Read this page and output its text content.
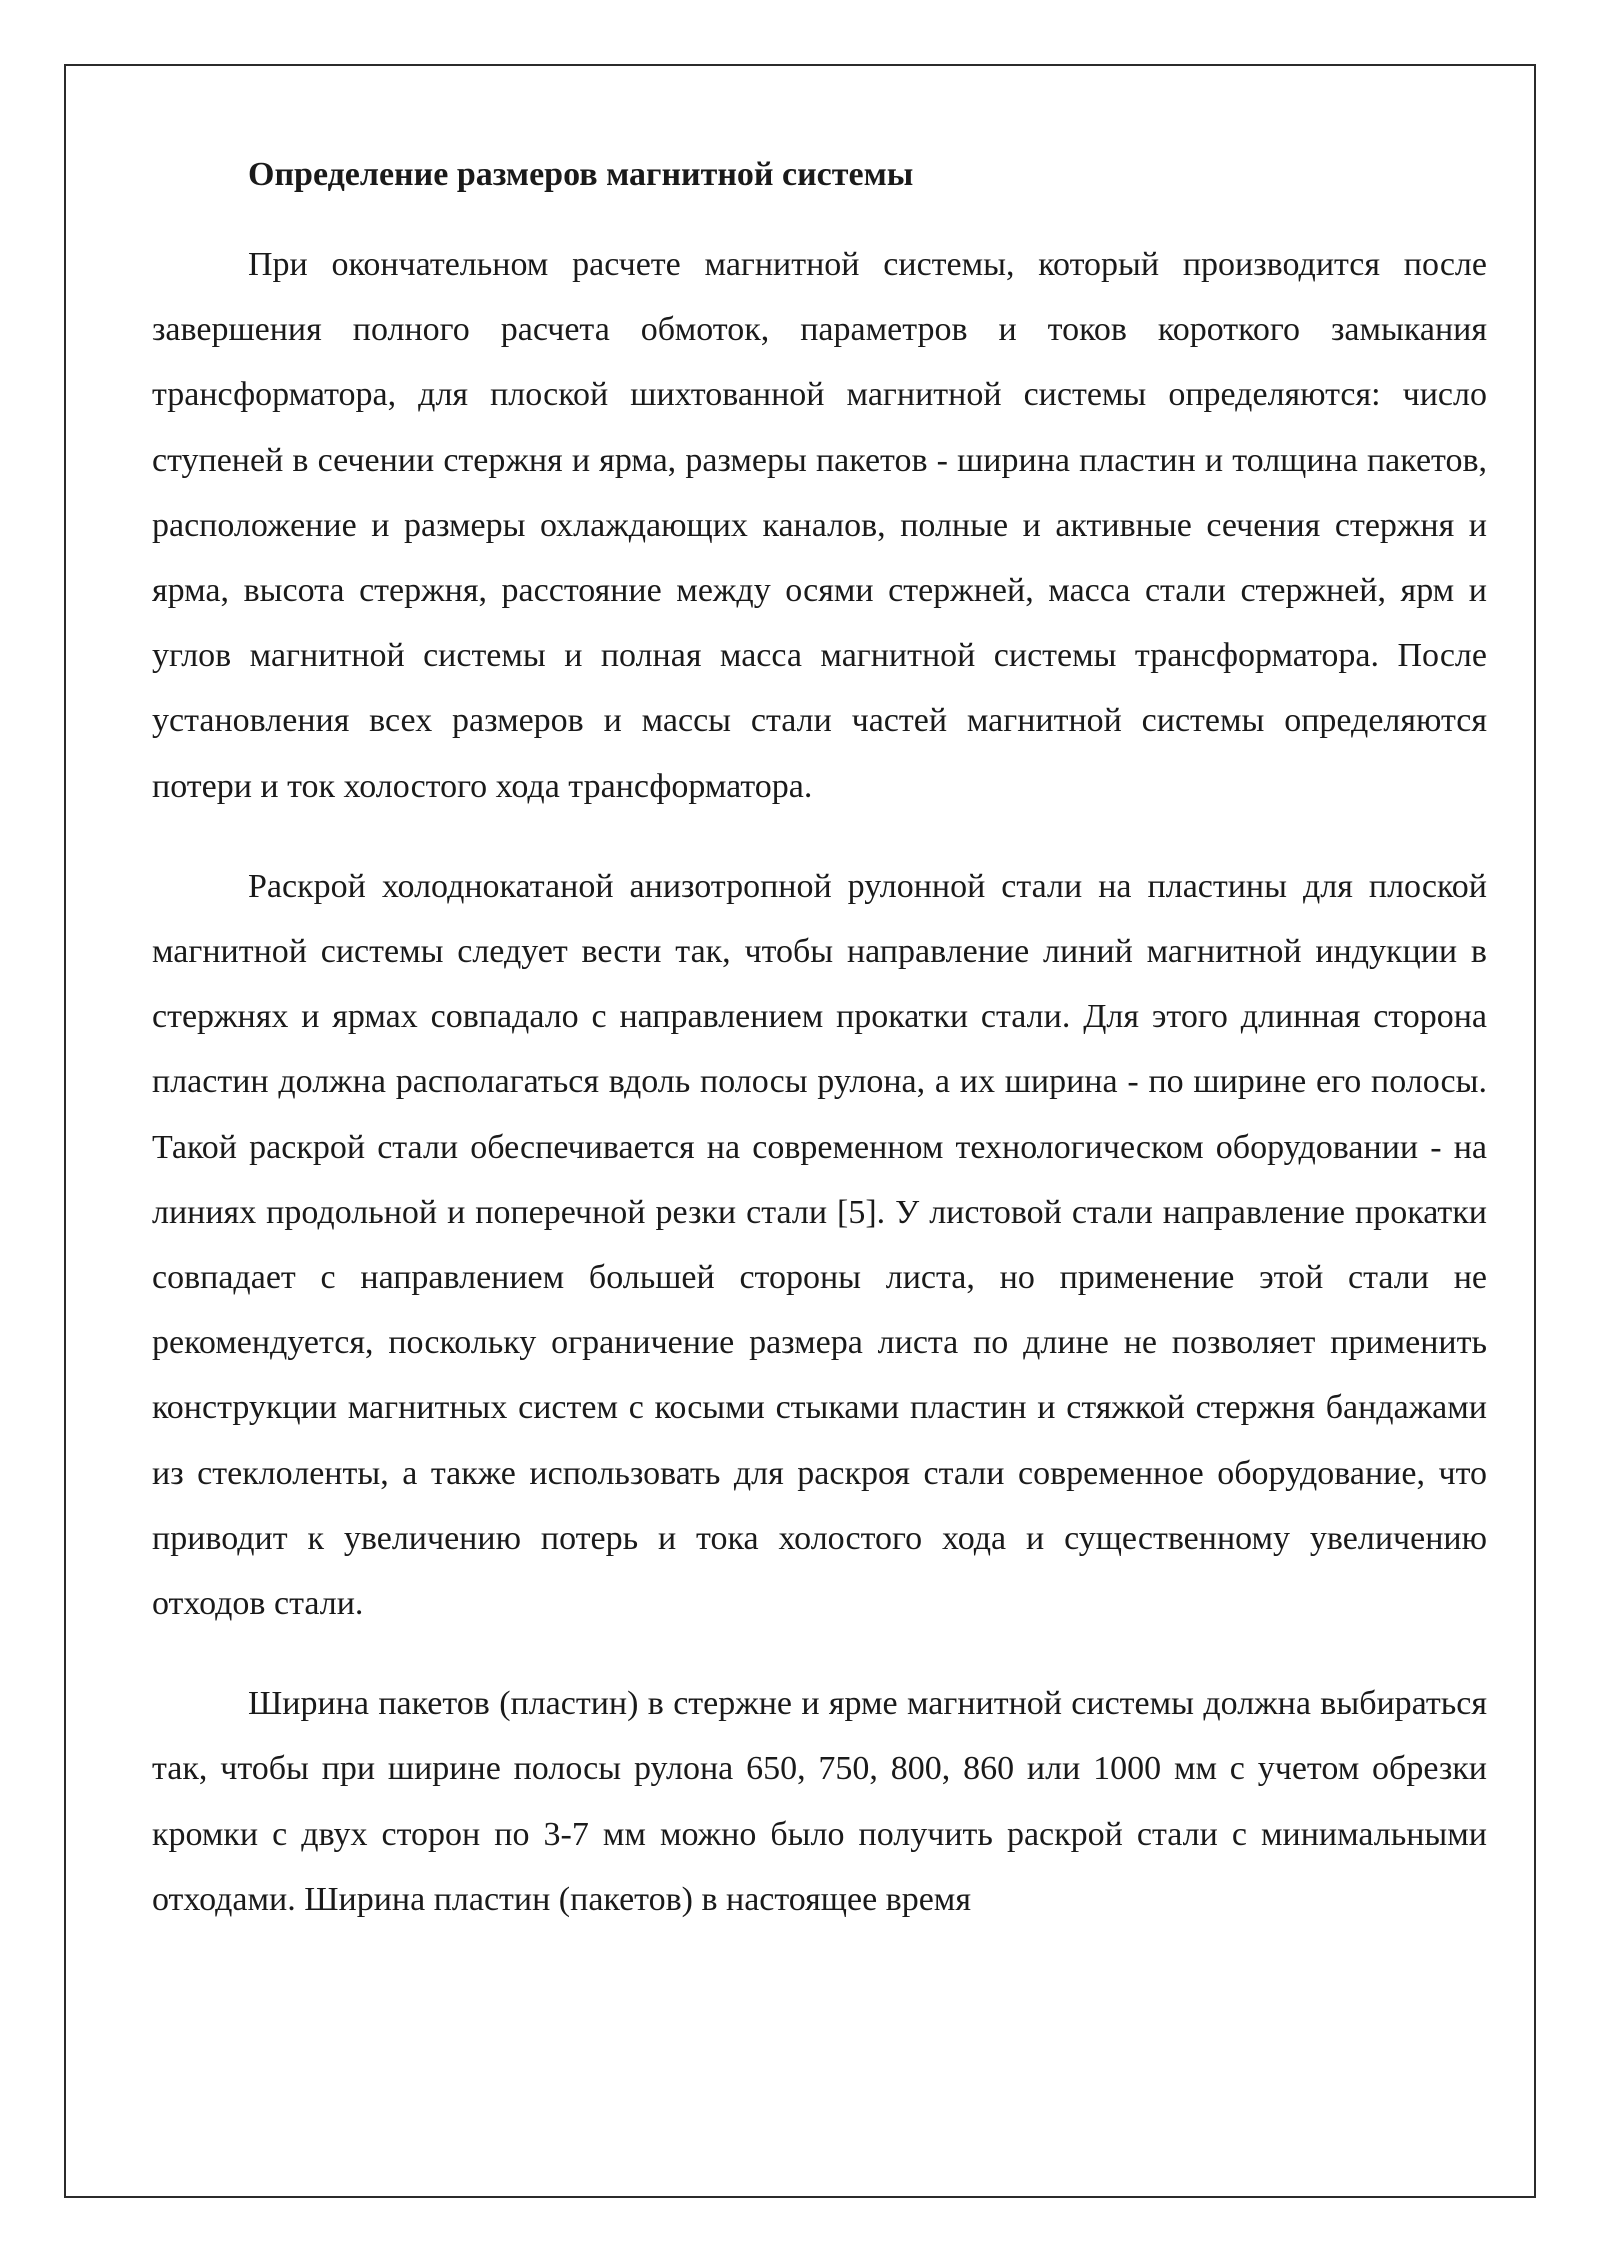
Определение размеров магнитной системы

При окончательном расчете магнитной системы, который производится после завершения полного расчета обмоток, параметров и токов короткого замыкания трансформатора, для плоской шихтованной магнитной системы определяются: число ступеней в сечении стержня и ярма, размеры пакетов - ширина пластин и толщина пакетов, расположение и размеры охлаждающих каналов, полные и активные сечения стержня и ярма, высота стержня, расстояние между осями стержней, масса стали стержней, ярм и углов магнитной системы и полная масса магнитной системы трансформатора. После установления всех размеров и массы стали частей магнитной системы определяются потери и ток холостого хода трансформатора.

Раскрой холоднокатаной анизотропной рулонной стали на пластины для плоской магнитной системы следует вести так, чтобы направление линий магнитной индукции в стержнях и ярмах совпадало с направлением прокатки стали. Для этого длинная сторона пластин должна располагаться вдоль полосы рулона, а их ширина - по ширине его полосы. Такой раскрой стали обеспечивается на современном технологическом оборудовании - на линиях продольной и поперечной резки стали [5]. У листовой стали направление прокатки совпадает с направлением большей стороны листа, но применение этой стали не рекомендуется, поскольку ограничение размера листа по длине не позволяет применить конструкции магнитных систем с косыми стыками пластин и стяжкой стержня бандажами из стеклоленты, а также использовать для раскроя стали современное оборудование, что приводит к увеличению потерь и тока холостого хода и существенному увеличению отходов стали.

Ширина пакетов (пластин) в стержне и ярме магнитной системы должна выбираться так, чтобы при ширине полосы рулона 650, 750, 800, 860 или 1000 мм с учетом обрезки кромки с двух сторон по 3-7 мм можно было получить раскрой стали с минимальными отходами. Ширина пластин (пакетов) в настоящее время
